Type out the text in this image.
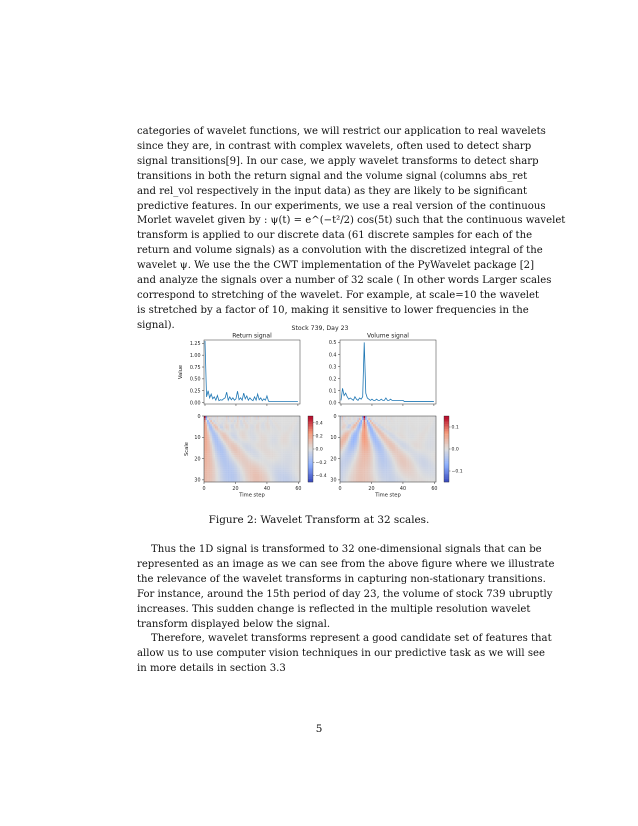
categories of wavelet functions, we will restrict our application to real wavelets
since they are, in contrast with complex wavelets, often used to detect sharp
signal transitions[9]. In our case, we apply wavelet transforms to detect sharp
transitions in both the return signal and the volume signal (columns abs_ret
and rel_vol respectively in the input data) as they are likely to be significant
predictive features. In our experiments, we use a real version of the continuous
Morlet wavelet given by : ψ(t) = e^(−t²/2) cos(5t) such that the continuous wavelet
transform is applied to our discrete data (61 discrete samples for each of the
return and volume signals) as a convolution with the discretized integral of the
wavelet ψ. We use the the CWT implementation of the PyWavelet package [2]
and analyze the signals over a number of 32 scale ( In other words Larger scales
correspond to stretching of the wavelet. For example, at scale=10 the wavelet
is stretched by a factor of 10, making it sensitive to lower frequencies in the
signal).	Stock 739, Day 23
Return signal
0.00
0.25
0.50
0.75
1.00
1.25
Value
Volume signal
0.0
0.1
0.2
0.3
0.4
0.5
0
10
20
30
0	20	40	60
Time step
Scale
0.4
0.2
0.0
−0.2
−0.4
0
10
20
30
0	20	40	60
Time step
0.1
0.0
−0.1

Figure 2: Wavelet Transform at 32 scales.

Thus the 1D signal is transformed to 32 one-dimensional signals that can be
represented as an image as we can see from the above figure where we illustrate
the relevance of the wavelet transforms in capturing non-stationary transitions.
For instance, around the 15th period of day 23, the volume of stock 739 ubruptly
increases. This sudden change is reflected in the multiple resolution wavelet
transform displayed below the signal.
Therefore, wavelet transforms represent a good candidate set of features that
allow us to use computer vision techniques in our predictive task as we will see
in more details in section 3.3
5
